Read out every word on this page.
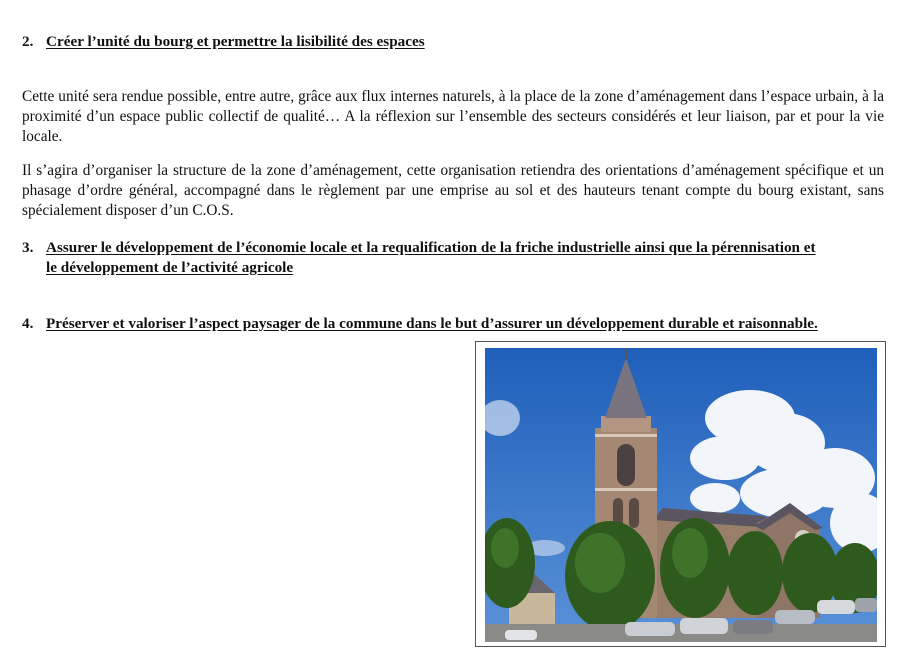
2. Créer l’unité du bourg et permettre la lisibilité des espaces

Cette unité sera rendue possible, entre autre, grâce aux flux internes naturels, à la place de la zone d’aménagement dans l’espace urbain, à la proximité d’un espace public collectif de qualité… A la réflexion sur l’ensemble des secteurs considérés et leur liaison, par et pour la vie locale.

Il s’agira d’organiser la structure de la zone d’aménagement, cette organisation retiendra des orientations d’aménagement spécifique et un phasage d’ordre général, accompagné dans le règlement par une emprise au sol et des hauteurs tenant compte du bourg existant, sans spécialement disposer d’un C.O.S.

3. Assurer le développement de l’économie locale et la requalification de la friche industrielle ainsi que la pérennisation et
le développement de l’activité agricole
4. Préserver et valoriser l’aspect paysager de la commune dans le but d’assurer un développement durable et raisonnable.
